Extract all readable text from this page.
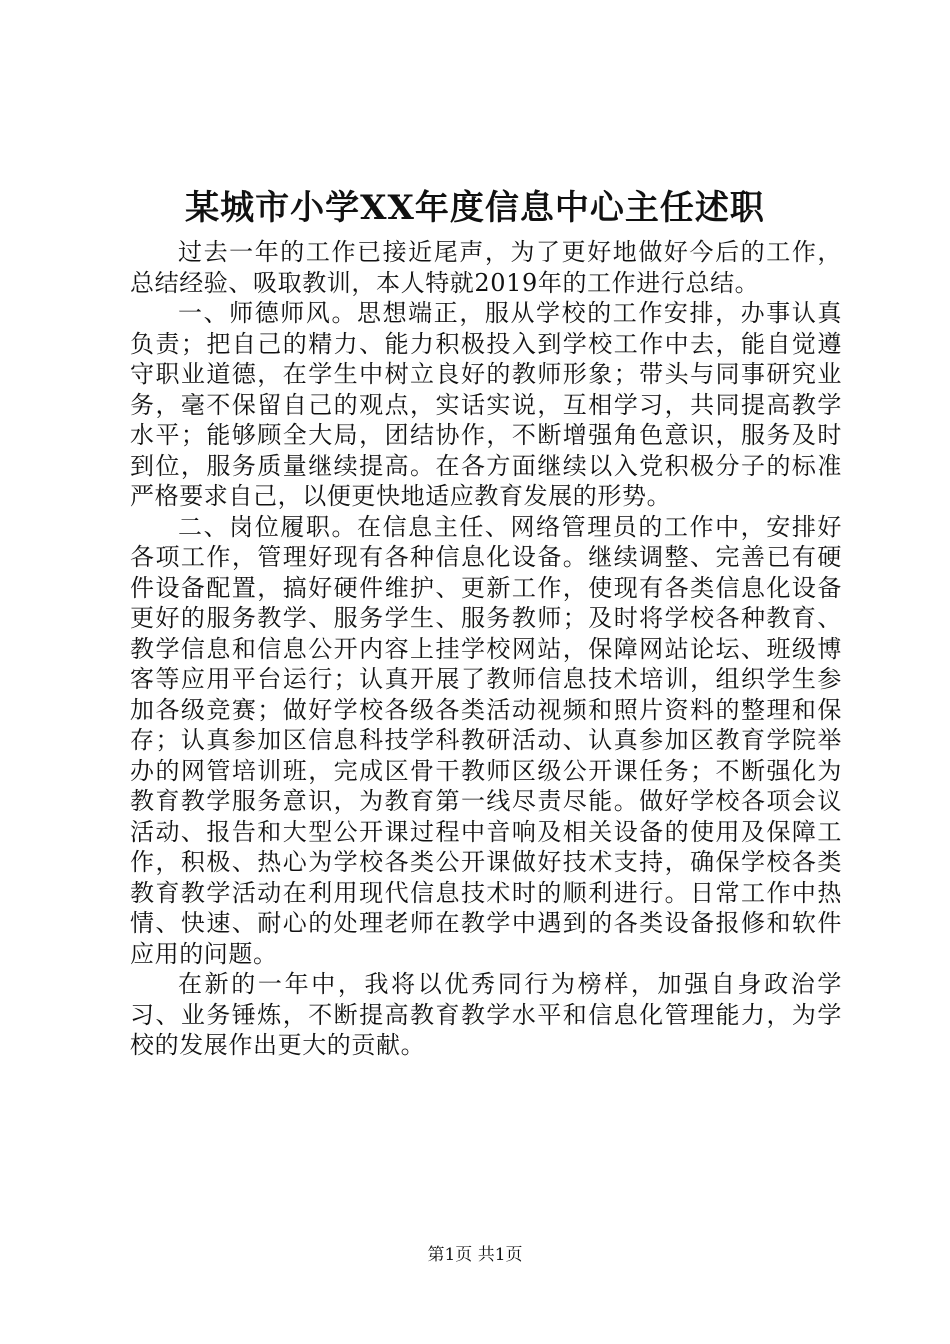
某城市小学XX年度信息中心主任述职

过去一年的工作已接近尾声，为了更好地做好今后的工作，总结经验、吸取教训，本人特就2019年的工作进行总结。

一、师德师风。思想端正，服从学校的工作安排，办事认真负责；把自己的精力、能力积极投入到学校工作中去，能自觉遵守职业道德，在学生中树立良好的教师形象；带头与同事研究业务，毫不保留自己的观点，实话实说，互相学习，共同提高教学水平；能够顾全大局，团结协作，不断增强角色意识，服务及时到位，服务质量继续提高。在各方面继续以入党积极分子的标准严格要求自己，以便更快地适应教育发展的形势。

二、岗位履职。在信息主任、网络管理员的工作中，安排好各项工作，管理好现有各种信息化设备。继续调整、完善已有硬件设备配置，搞好硬件维护、更新工作，使现有各类信息化设备更好的服务教学、服务学生、服务教师；及时将学校各种教育、教学信息和信息公开内容上挂学校网站，保障网站论坛、班级博客等应用平台运行；认真开展了教师信息技术培训，组织学生参加各级竞赛；做好学校各级各类活动视频和照片资料的整理和保存；认真参加区信息科技学科教研活动、认真参加区教育学院举办的网管培训班，完成区骨干教师区级公开课任务；不断强化为教育教学服务意识，为教育第一线尽责尽能。做好学校各项会议活动、报告和大型公开课过程中音响及相关设备的使用及保障工作，积极、热心为学校各类公开课做好技术支持，确保学校各类教育教学活动在利用现代信息技术时的顺利进行。日常工作中热情、快速、耐心的处理老师在教学中遇到的各类设备报修和软件应用的问题。

在新的一年中，我将以优秀同行为榜样，加强自身政治学习、业务锤炼，不断提高教育教学水平和信息化管理能力，为学校的发展作出更大的贡献。

第1页 共1页
